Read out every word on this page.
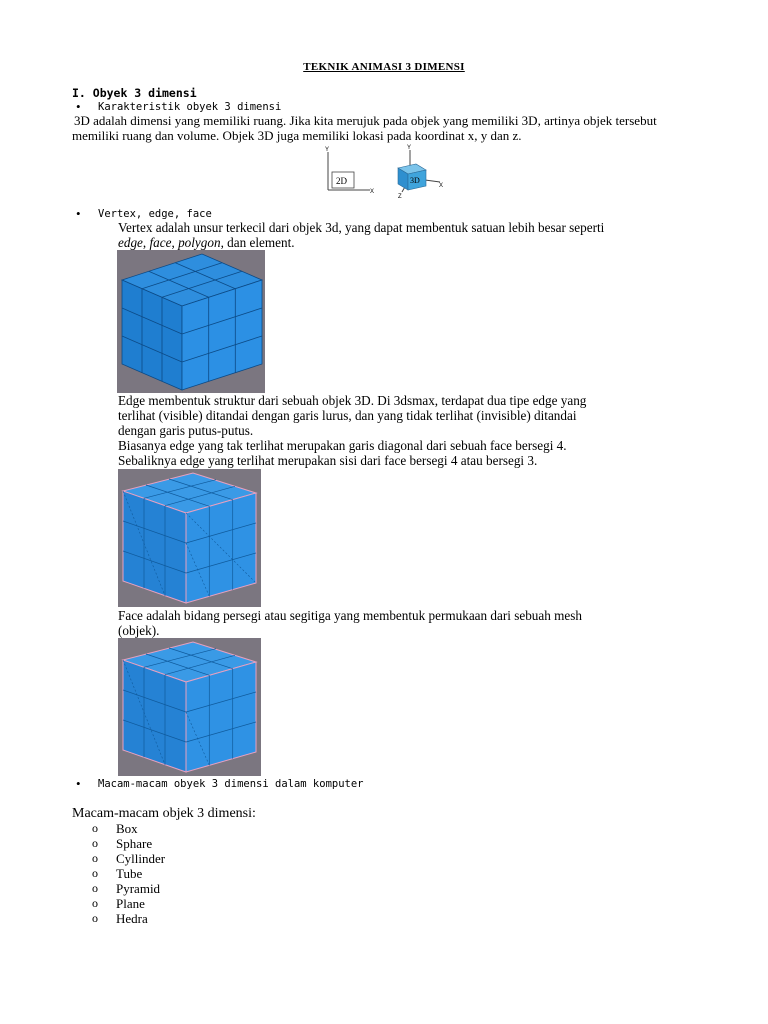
TEKNIK ANIMASI 3 DIMENSI
I. Obyek 3 dimensi
• Karakteristik obyek 3 dimensi
3D adalah dimensi yang memiliki ruang. Jika kita merujuk pada objek yang memiliki 3D, artinya objek tersebut
memiliki ruang dan volume. Objek 3D juga memiliki lokasi pada koordinat x, y dan z.
2D
Y
X
3D
Y
X
Z
• Vertex, edge, face
Vertex adalah unsur terkecil dari objek 3d, yang dapat membentuk satuan lebih besar seperti
edge, face, polygon, dan element.
Edge membentuk struktur dari sebuah objek 3D. Di 3dsmax, terdapat dua tipe edge yang
terlihat (visible) ditandai dengan garis lurus, dan yang tidak terlihat (invisible) ditandai
dengan garis putus-putus.
Biasanya edge yang tak terlihat merupakan garis diagonal dari sebuah face bersegi 4.
Sebaliknya edge yang terlihat merupakan sisi dari face bersegi 4 atau bersegi 3.
Face adalah bidang persegi atau segitiga yang membentuk permukaan dari sebuah mesh
(objek).
• Macam-macam obyek 3 dimensi dalam komputer
Macam-macam objek 3 dimensi:
o Box
o Sphare
o Cyllinder
o Tube
o Pyramid
o Plane
o Hedra
